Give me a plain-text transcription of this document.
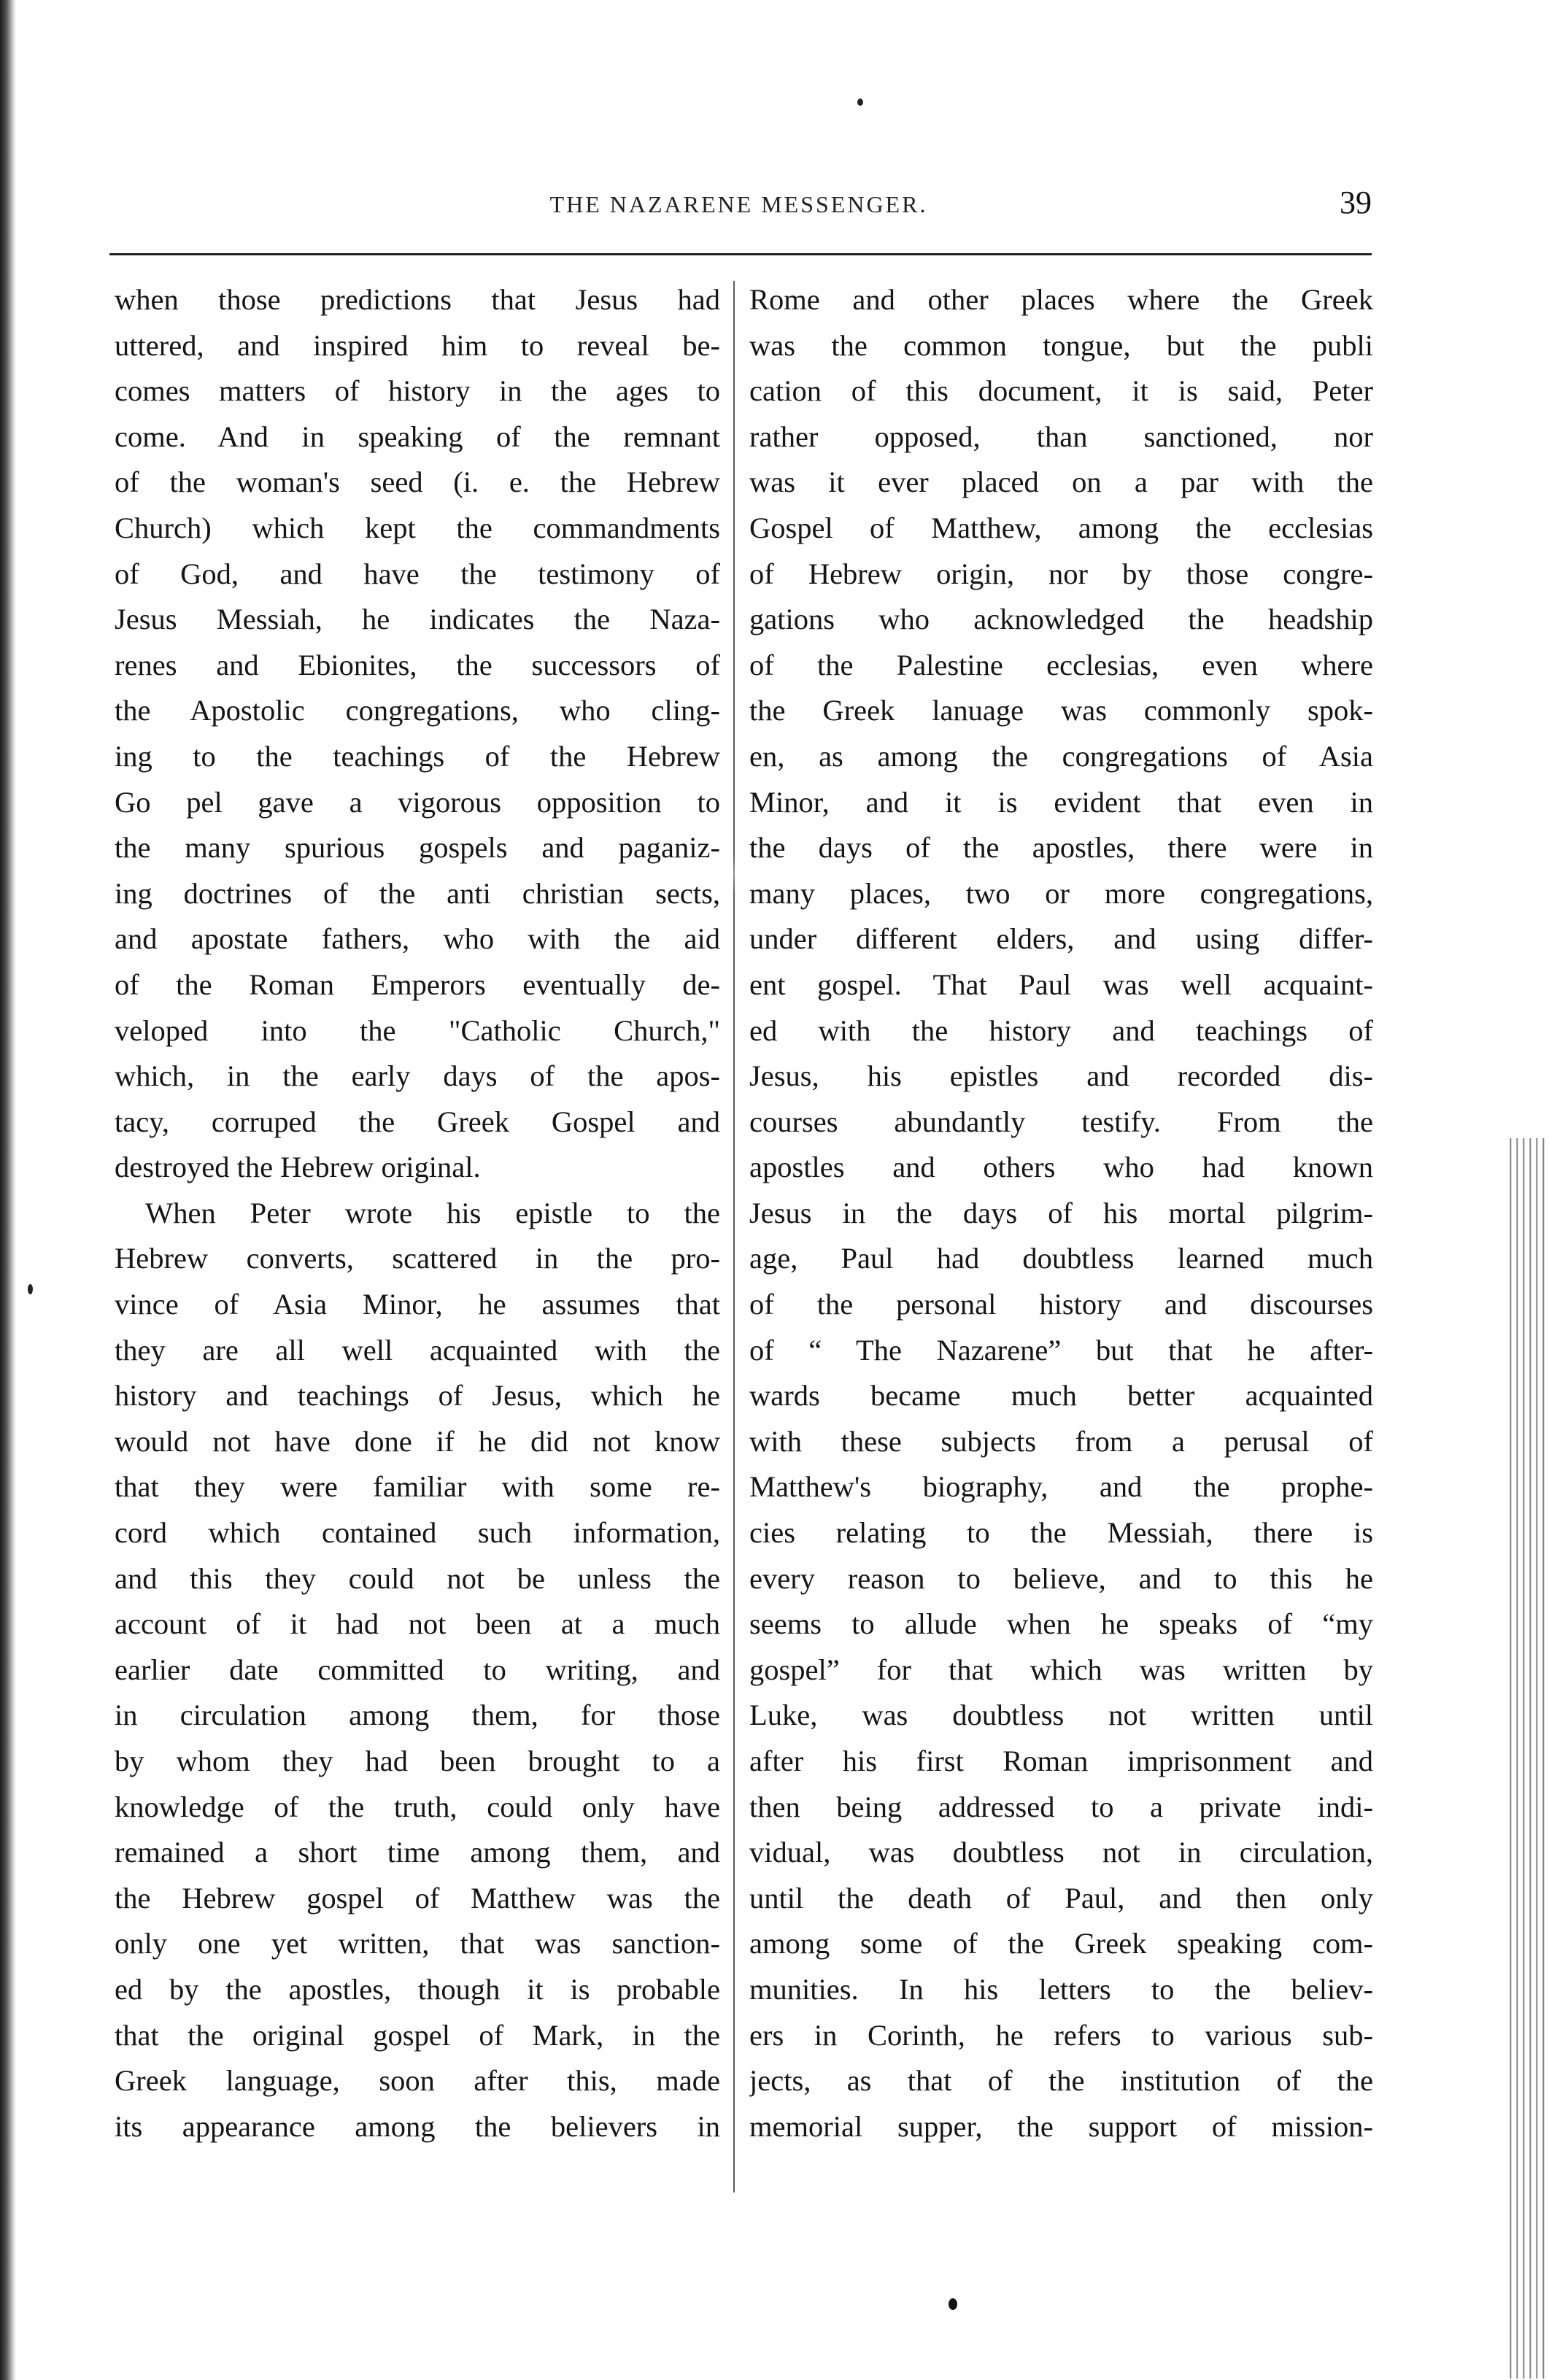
THE NAZARENE MESSENGER.	39
when those predictions that Jesus had
uttered, and inspired him to reveal be-
comes matters of history in the ages to
come. And in speaking of the remnant
of the woman's seed (i. e. the Hebrew
Church) which kept the commandments
of God, and have the testimony of
Jesus Messiah, he indicates the Naza-
renes and Ebionites, the successors of
the Apostolic congregations, who cling-
ing to the teachings of the Hebrew
Go pel gave a vigorous opposition to
the many spurious gospels and paganiz-
ing doctrines of the anti christian sects,
and apostate fathers, who with the aid
of the Roman Emperors eventually de-
veloped into the "Catholic Church,"
which, in the early days of the apos-
tacy, corruped the Greek Gospel and
destroyed the Hebrew original.
When Peter wrote his epistle to the
Hebrew converts, scattered in the pro-
vince of Asia Minor, he assumes that
they are all well acquainted with the
history and teachings of Jesus, which he
would not have done if he did not know
that they were familiar with some re-
cord which contained such information,
and this they could not be unless the
account of it had not been at a much
earlier date committed to writing, and
in circulation among them, for those
by whom they had been brought to a
knowledge of the truth, could only have
remained a short time among them, and
the Hebrew gospel of Matthew was the
only one yet written, that was sanction-
ed by the apostles, though it is probable
that the original gospel of Mark, in the
Greek language, soon after this, made
its appearance among the believers in
Rome and other places where the Greek
was the common tongue, but the publi
cation of this document, it is said, Peter
rather opposed, than sanctioned, nor
was it ever placed on a par with the
Gospel of Matthew, among the ecclesias
of Hebrew origin, nor by those congre-
gations who acknowledged the headship
of the Palestine ecclesias, even where
the Greek lanuage was commonly spok-
en, as among the congregations of Asia
Minor, and it is evident that even in
the days of the apostles, there were in
many places, two or more congregations,
under different elders, and using differ-
ent gospel. That Paul was well acquaint-
ed with the history and teachings of
Jesus, his epistles and recorded dis-
courses abundantly testify. From the
apostles and others who had known
Jesus in the days of his mortal pilgrim-
age, Paul had doubtless learned much
of the personal history and discourses
of “ The Nazarene” but that he after-
wards became much better acquainted
with these subjects from a perusal of
Matthew's biography, and the prophe-
cies relating to the Messiah, there is
every reason to believe, and to this he
seems to allude when he speaks of “my
gospel” for that which was written by
Luke, was doubtless not written until
after his first Roman imprisonment and
then being addressed to a private indi-
vidual, was doubtless not in circulation,
until the death of Paul, and then only
among some of the Greek speaking com-
munities. In his letters to the believ-
ers in Corinth, he refers to various sub-
jects, as that of the institution of the
memorial supper, the support of mission-
